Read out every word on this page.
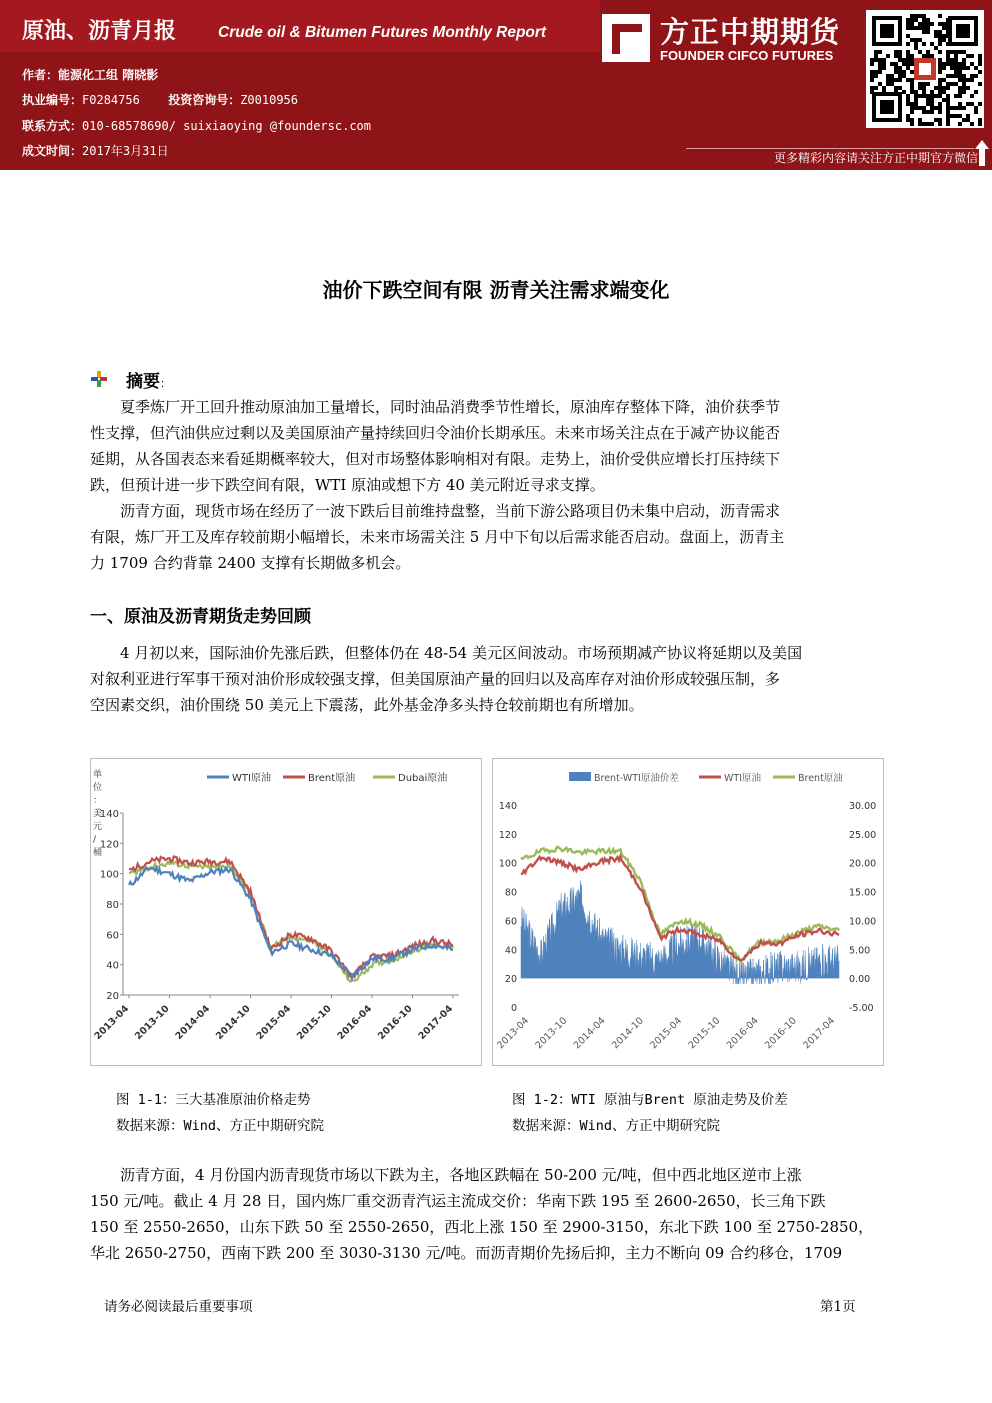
原油、沥青月报	Crude oil & Bitumen Futures Monthly Report
作者：能源化工组 隋晓影
执业编号：F0284756 投资咨询号：Z0010956
联系方式：010-68578690/ suixiaoying @foundersc.com
成文时间：2017年3月31日
方正中期期货
FOUNDER CIFCO FUTURES
更多精彩内容请关注方正中期官方微信
油价下跌空间有限 沥青关注需求端变化
摘要：
夏季炼厂开工回升推动原油加工量增长，同时油品消费季节性增长，原油库存整体下降，油价获季节
性支撑，但汽油供应过剩以及美国原油产量持续回归令油价长期承压。未来市场关注点在于减产协议能否
延期，从各国表态来看延期概率较大，但对市场整体影响相对有限。走势上，油价受供应增长打压持续下
跌，但预计进一步下跌空间有限，WTI 原油或想下方 40 美元附近寻求支撑。
沥青方面，现货市场在经历了一波下跌后目前维持盘整，当前下游公路项目仍未集中启动，沥青需求
有限，炼厂开工及库存较前期小幅增长，未来市场需关注 5 月中下旬以后需求能否启动。盘面上，沥青主
力 1709 合约背靠 2400 支撑有长期做多机会。
一、原油及沥青期货走势回顾
4 月初以来，国际油价先涨后跌，但整体仍在 48-54 美元区间波动。市场预期减产协议将延期以及美国
对叙利亚进行军事干预对油价形成较强支撑，但美国原油产量的回归以及高库存对油价形成较强压制，多
空因素交织，油价围绕 50 美元上下震荡，此外基金净多头持仓较前期也有所增加。
20
40
60
80
100
120
140
单
位
：
美
元
/
桶
2013-04 2013-10 2014-04 2014-10 2015-04 2015-10 2016-04 2016-10 2017-04
WTI原油	Brent原油	Dubai原油
0
20
40
60
80
100
120
140
-5.00
0.00
5.00
10.00
15.00
20.00
25.00
30.00
2013-04 2013-10 2014-04 2014-10 2015-04 2015-10 2016-04 2016-10 2017-04
Brent-WTI原油价差	WTI原油	Brent原油
图 1-1：三大基准原油价格走势
数据来源：Wind、方正中期研究院
图 1-2：WTI 原油与Brent 原油走势及价差
数据来源：Wind、方正中期研究院
沥青方面，4 月份国内沥青现货市场以下跌为主，各地区跌幅在 50-200 元/吨，但中西北地区逆市上涨
150 元/吨。截止 4 月 28 日，国内炼厂重交沥青汽运主流成交价：华南下跌 195 至 2600-2650，长三角下跌
150 至 2550-2650，山东下跌 50 至 2550-2650，西北上涨 150 至 2900-3150，东北下跌 100 至 2750-2850，
华北 2650-2750，西南下跌 200 至 3030-3130 元/吨。而沥青期价先扬后抑，主力不断向 09 合约移仓，1709
请务必阅读最后重要事项	第1页
